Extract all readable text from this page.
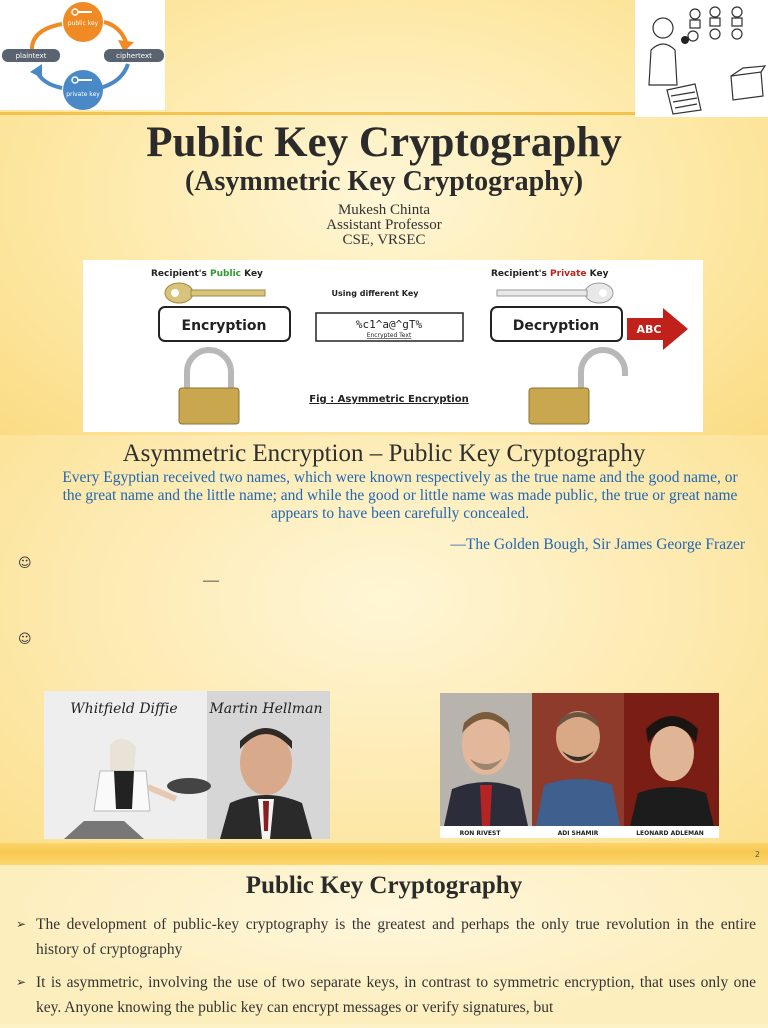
public key
private key
plaintext	ciphertext
Public Key Cryptography
(Asymmetric Key Cryptography)
Mukesh Chinta
Assistant Professor
CSE, VRSEC
Recipient's Public Key	Recipient's Private Key
Using different Key
Encryption	%c1^a@^gT%
Encrypted Text
Decryption	ABC
Fig : Asymmetric Encryption
Asymmetric Encryption – Public Key Cryptography
Every Egyptian received two names, which were known respectively as the true name and the good name, or the great name and the little name; and while the good or little name was made public, the true or great name appears to have been carefully concealed.
—The Golden Bough, Sir James George Frazer
☺
—
☺
Whitfield Diffie Martin Hellman
RON RIVEST	ADI SHAMIR	LEONARD ADLEMAN
2
Public Key Cryptography
➢ The development of public-key cryptography is the greatest and perhaps the only true revolution in the entire history of cryptography
➢ It is asymmetric, involving the use of two separate keys, in contrast to symmetric encryption, that uses only one key. Anyone knowing the public key can encrypt messages or verify signatures, but
